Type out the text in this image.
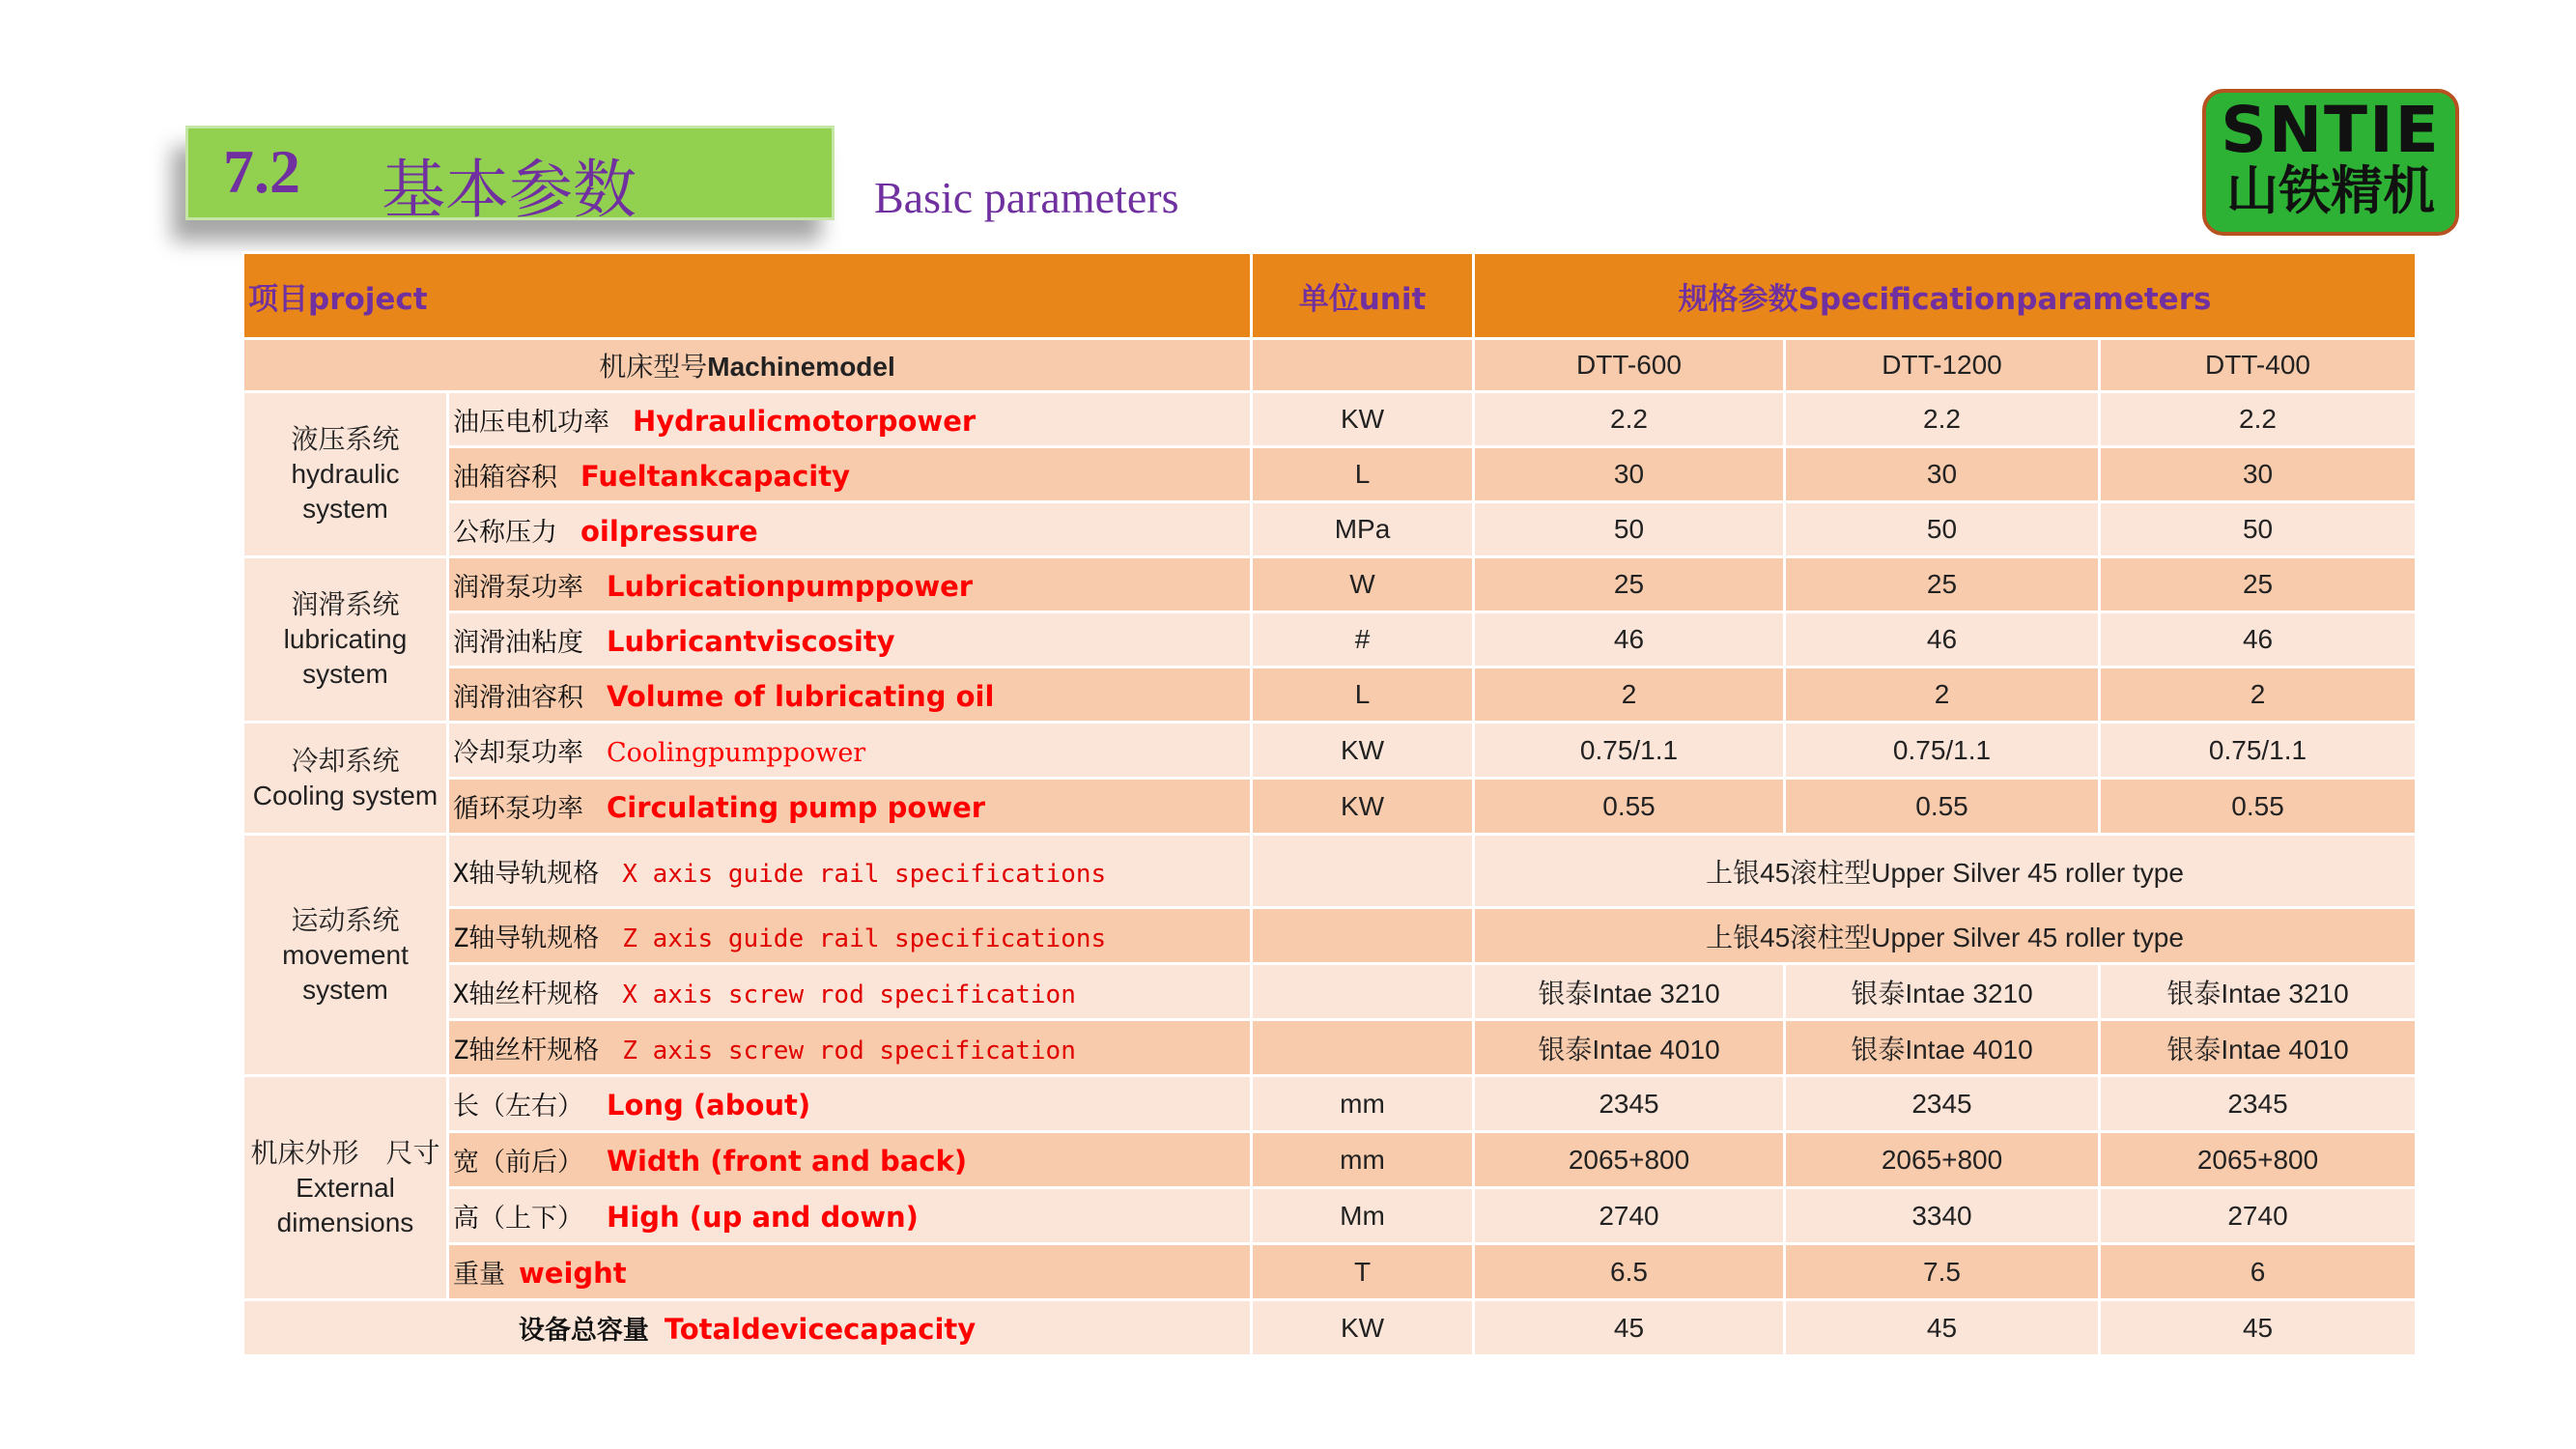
7.2 基本参数	Basic parameters
SNTIE
山铁精机
项目project		单位unit	规格参数Specificationparameters		
机床型号Machinemodel			DTT-600	DTT-1200	DTT-400
液压系统 hydraulic system	油压电机功率 Hydraulicmotorpower	KW	2.2	2.2	2.2
	油箱容积 Fueltankcapacity	L	30	30	30
	公称压力 oilpressure	MPa	50	50	50
润滑系统 lubricating system	润滑泵功率 Lubricationpumppower	W	25	25	25
	润滑油粘度 Lubricantviscosity	#	46	46	46
	润滑油容积 Volume of lubricating oil	L	2	2	2
冷却系统 Cooling system	冷却泵功率 Coolingpumppower	KW	0.75/1.1	0.75/1.1	0.75/1.1
	循环泵功率 Circulating pump power	KW	0.55	0.55	0.55
运动系统 movement system	X轴导轨规格 X axis guide rail specifications		上银45滚柱型Upper Silver 45 roller type		
	Z轴导轨规格 Z axis guide rail specifications		上银45滚柱型Upper Silver 45 roller type		
	X轴丝杆规格 X axis screw rod specification		银泰Intae 3210	银泰Intae 3210	银泰Intae 3210
	Z轴丝杆规格 Z axis screw rod specification		银泰Intae 4010	银泰Intae 4010	银泰Intae 4010
机床外形　尺寸 External dimensions	长（左右） Long (about)	mm	2345	2345	2345
	宽（前后） Width (front and back)	mm	2065+800	2065+800	2065+800
	高（上下） High (up and down)	Mm	2740	3340	2740
	重量 weight	T	6.5	7.5	6
设备总容量 Totaldevicecapacity		KW	45	45	45
